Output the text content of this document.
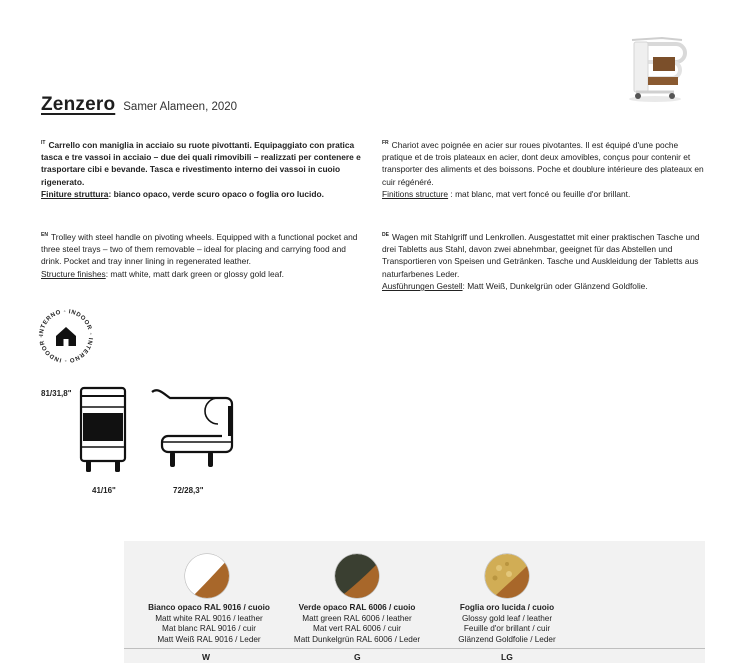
Zenzero Samer Alameen, 2020
$^{IT}$ Carrello con maniglia in acciaio su ruote pivottanti. Equipaggiato con pratica tasca e tre vassoi in acciaio – due dei quali rimovibili – realizzati per contenere e trasportare cibi e bevande. Tasca e rivestimento interno dei vassoi in cuoio rigenerato.
Finiture struttura: bianco opaco, verde scuro opaco o foglia oro lucido.
$^{FR}$ Chariot avec poignée en acier sur roues pivotantes. Il est équipé d'une poche pratique et de trois plateaux en acier, dont deux amovibles, conçus pour contenir et transporter des aliments et des boissons. Poche et doublure intérieure des plateaux en cuir régénéré.
Finitions structure : mat blanc, mat vert foncé ou feuille d'or brillant.
$^{EN}$ Trolley with steel handle on pivoting wheels. Equipped with a functional pocket and three steel trays – two of them removable – ideal for placing and carrying food and drink. Pocket and tray inner lining in regenerated leather.
Structure finishes: matt white, matt dark green or glossy gold leaf.
$^{DE}$ Wagen mit Stahlgriff und Lenkrollen. Ausgestattet mit einer praktischen Tasche und drei Tabletts aus Stahl, davon zwei abnehmbar, geeignet für das Abstellen und Transportieren von Speisen und Getränken. Tasche und Auskleidung der Tabletts aus naturfarbenes Leder.
Ausführungen Gestell: Matt Weiß, Dunkelgrün oder Glänzend Goldfolie.
INTERNO ◦ INDOOR ◦ INTERNO ◦ INDOOR ◦
81/31,8"
41/16"	72/28,3"
Bianco opaco RAL 9016 / cuoio
Matt white RAL 9016 / leather
Mat blanc RAL 9016 / cuir
Matt Weiß RAL 9016 / Leder
W
Verde opaco RAL 6006 / cuoio
Matt green RAL 6006 / leather
Mat vert RAL 6006 / cuir
Matt Dunkelgrün RAL 6006 / Leder
G
Foglia oro lucida / cuoio
Glossy gold leaf / leather
Feuille d'or brillant / cuir
Glänzend Goldfolie / Leder
LG
